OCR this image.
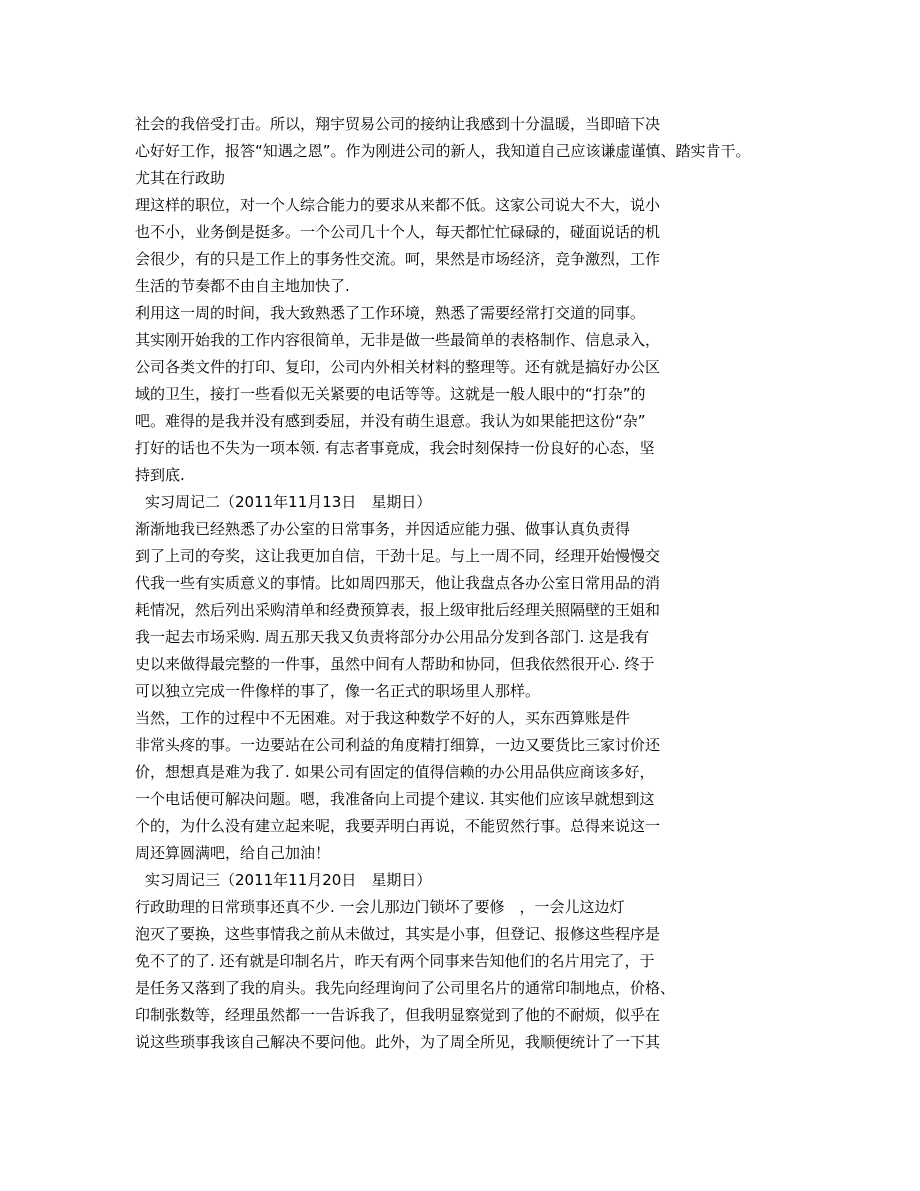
社会的我倍受打击。所以，翔宇贸易公司的接纳让我感到十分温暖，当即暗下决
心好好工作，报答“知遇之恩”。作为刚进公司的新人，我知道自己应该谦虚谨慎、踏实肯干。
尤其在行政助
理这样的职位，对一个人综合能力的要求从来都不低。这家公司说大不大，说小
也不小，业务倒是挺多。一个公司几十个人，每天都忙忙碌碌的，碰面说话的机
会很少，有的只是工作上的事务性交流。呵，果然是市场经济，竞争激烈，工作
生活的节奏都不由自主地加快了.
利用这一周的时间，我大致熟悉了工作环境，熟悉了需要经常打交道的同事。
其实刚开始我的工作内容很简单，无非是做一些最简单的表格制作、信息录入，
公司各类文件的打印、复印，公司内外相关材料的整理等。还有就是搞好办公区
域的卫生，接打一些看似无关紧要的电话等等。这就是一般人眼中的“打杂”的
吧。难得的是我并没有感到委屈，并没有萌生退意。我认为如果能把这份“杂”
打好的话也不失为一项本领. 有志者事竟成，我会时刻保持一份良好的心态，坚
持到底.
实习周记二（2011年11月13日　星期日）
渐渐地我已经熟悉了办公室的日常事务，并因适应能力强、做事认真负责得
到了上司的夸奖，这让我更加自信，干劲十足。与上一周不同，经理开始慢慢交
代我一些有实质意义的事情。比如周四那天，他让我盘点各办公室日常用品的消
耗情况，然后列出采购清单和经费预算表，报上级审批后经理关照隔壁的王姐和
我一起去市场采购. 周五那天我又负责将部分办公用品分发到各部门. 这是我有
史以来做得最完整的一件事，虽然中间有人帮助和协同，但我依然很开心. 终于
可以独立完成一件像样的事了，像一名正式的职场里人那样。
当然，工作的过程中不无困难。对于我这种数学不好的人，买东西算账是件
非常头疼的事。一边要站在公司利益的角度精打细算，一边又要货比三家讨价还
价，想想真是难为我了. 如果公司有固定的值得信赖的办公用品供应商该多好，
一个电话便可解决问题。嗯，我准备向上司提个建议. 其实他们应该早就想到这
个的，为什么没有建立起来呢，我要弄明白再说，不能贸然行事。总得来说这一
周还算圆满吧，给自己加油！
实习周记三（2011年11月20日　星期日）
行政助理的日常琐事还真不少. 一会儿那边门锁坏了要修　，一会儿这边灯
泡灭了要换，这些事情我之前从未做过，其实是小事，但登记、报修这些程序是
免不了的了. 还有就是印制名片，昨天有两个同事来告知他们的名片用完了，于
是任务又落到了我的肩头。我先向经理询问了公司里名片的通常印制地点，价格、
印制张数等，经理虽然都一一告诉我了，但我明显察觉到了他的不耐烦，似乎在
说这些琐事我该自己解决不要问他。此外，为了周全所见，我顺便统计了一下其
